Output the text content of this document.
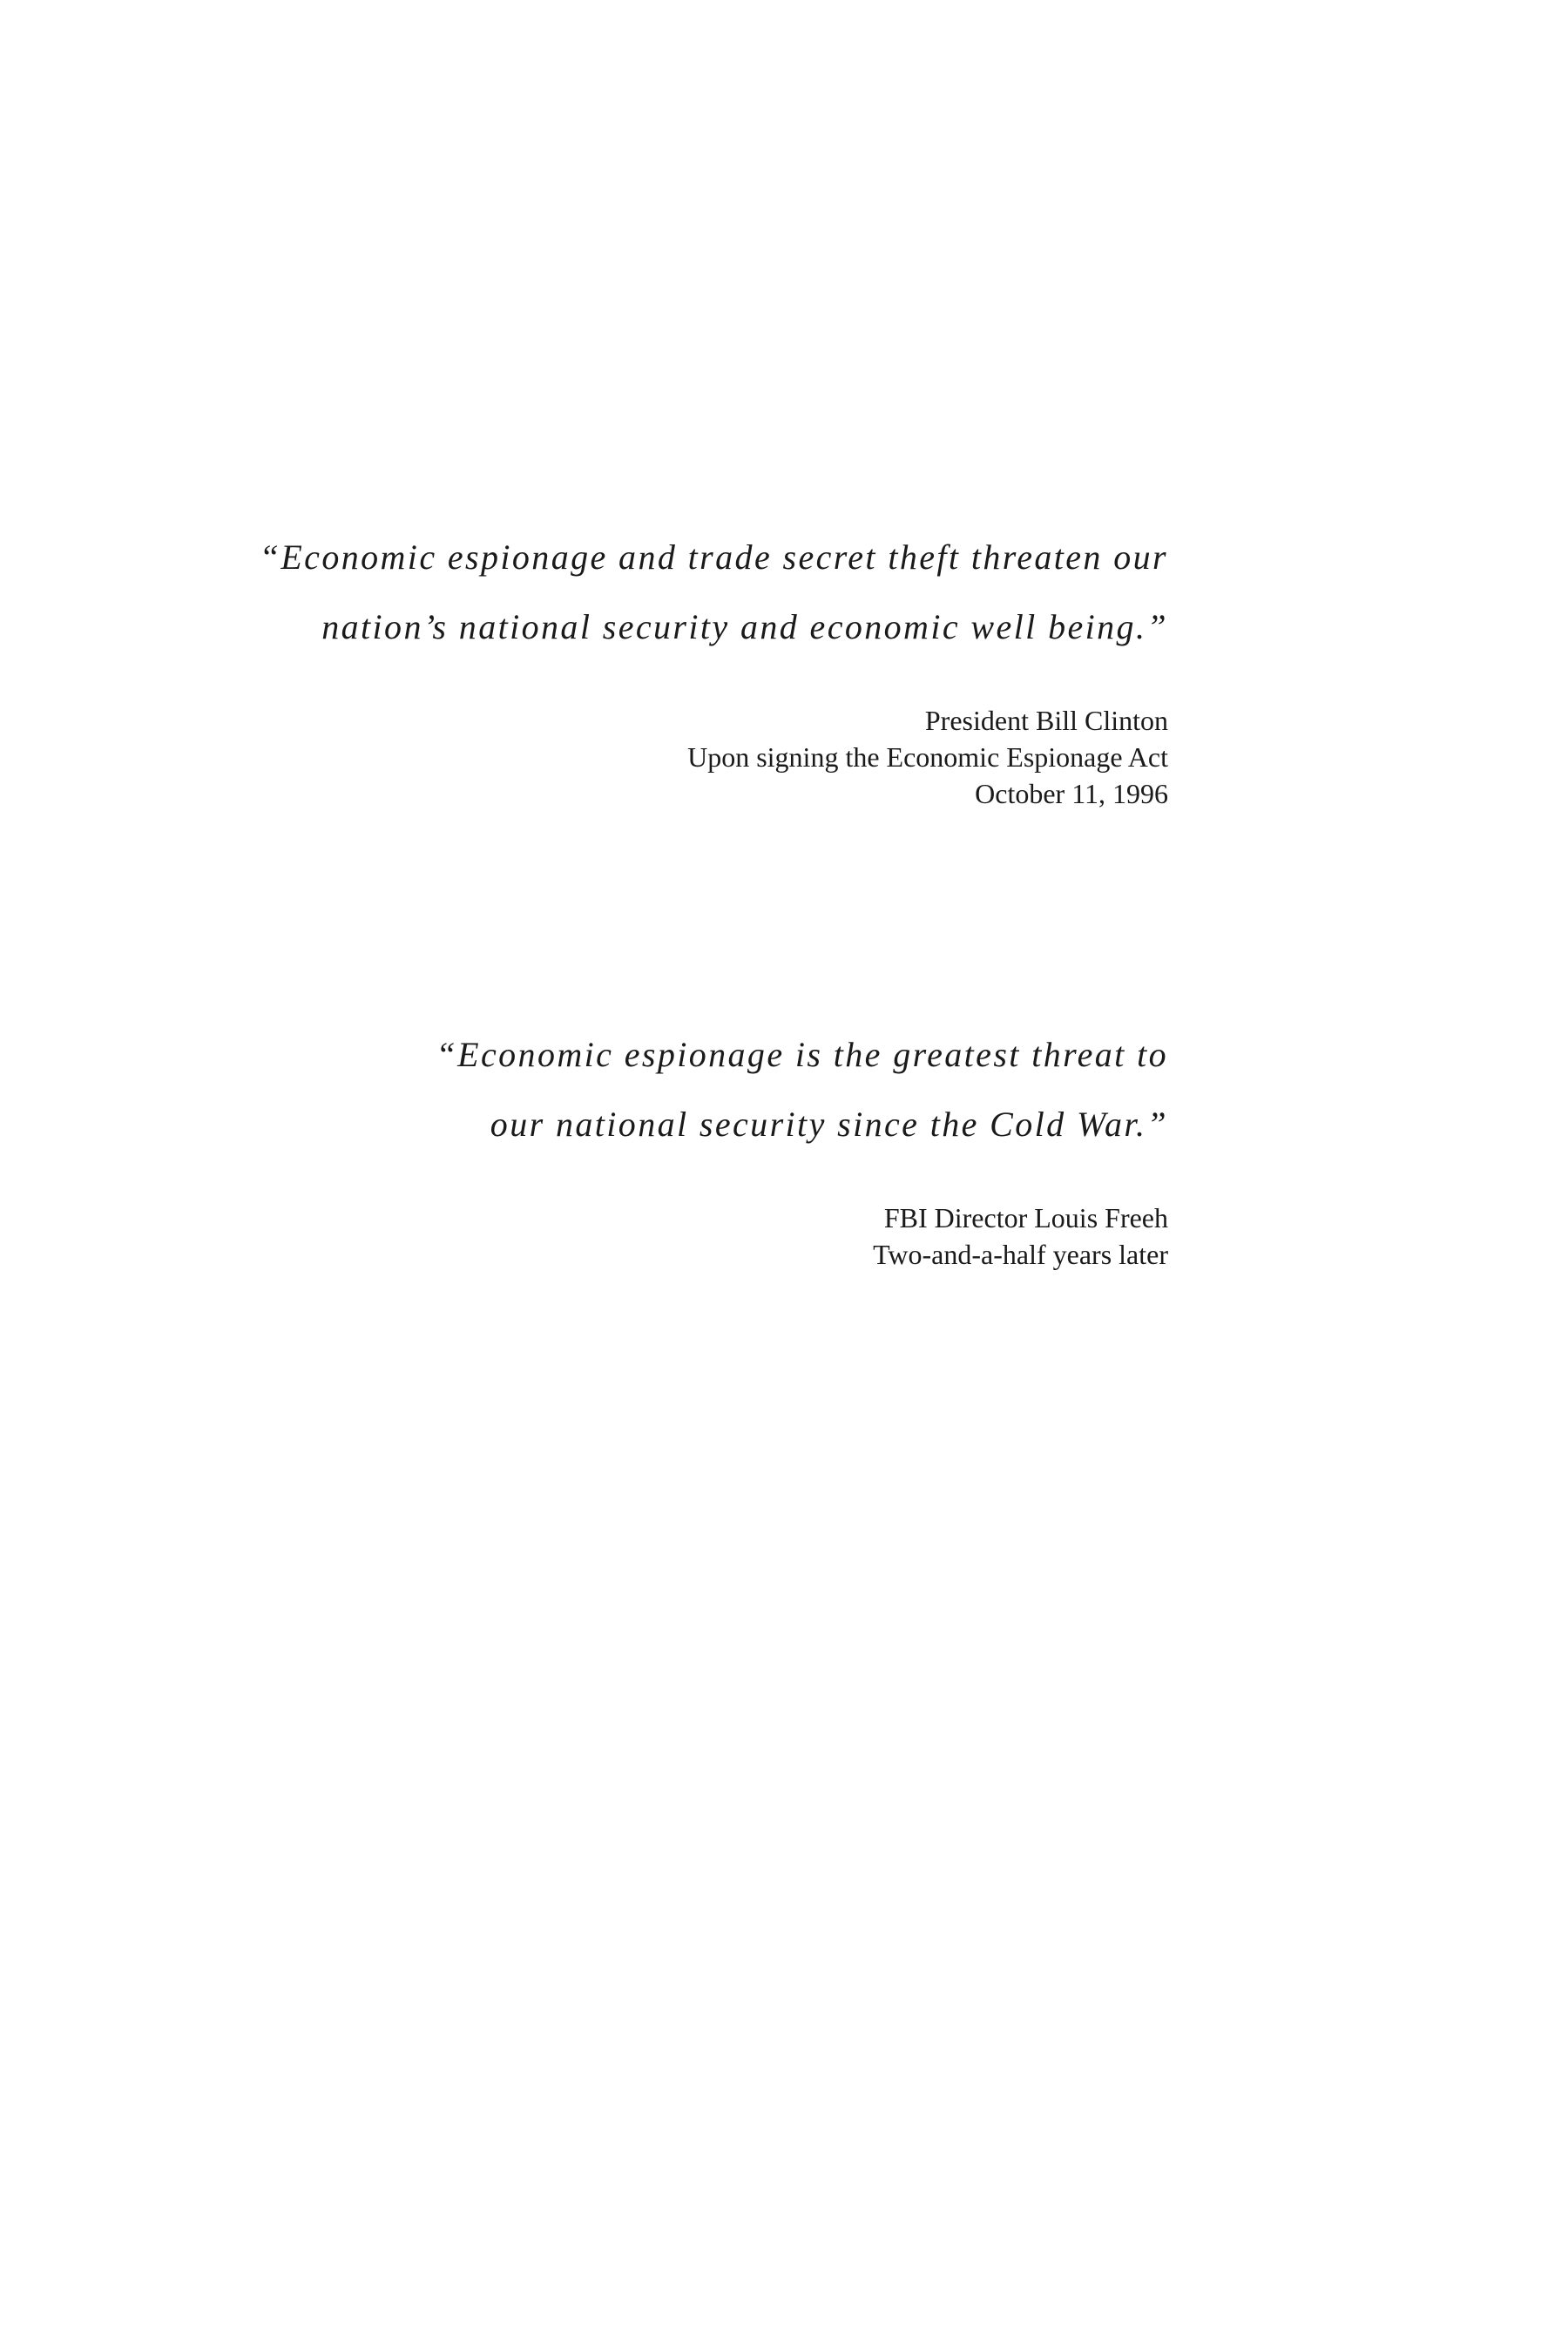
“Economic espionage and trade secret theft threaten our
nation’s national security and economic well being.”
President Bill Clinton
Upon signing the Economic Espionage Act
October 11, 1996
“Economic espionage is the greatest threat to
our national security since the Cold War.”
FBI Director Louis Freeh
Two-and-a-half years later
